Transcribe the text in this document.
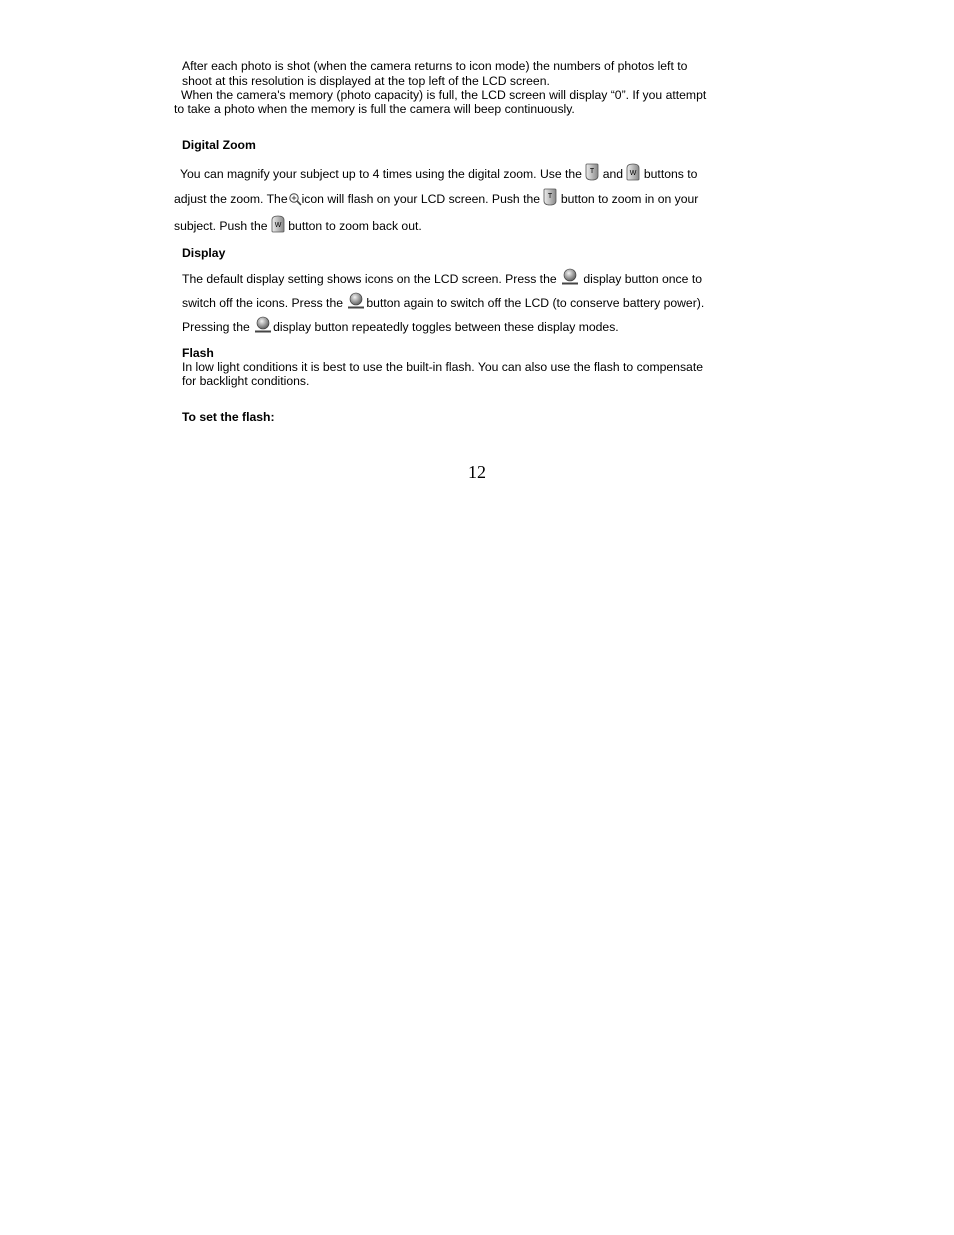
After each photo is shot (when the camera returns to icon mode) the numbers of photos left to
shoot at this resolution is displayed at the top left of the LCD screen.
When the camera's memory (photo capacity) is full, the LCD screen will display “0”. If you attempt
to take a photo when the memory is full the camera will beep continuously.
Digital Zoom
You can magnify your subject up to 4 times using the digital zoom. Use the T and W buttons to
adjust the zoom. The icon will flash on your LCD screen. Push the T button to zoom in on your
subject. Push the W button to zoom back out.
Display
The default display setting shows icons on the LCD screen. Press the display button once to
switch off the icons. Press the button again to switch off the LCD (to conserve battery power).
Pressing the display button repeatedly toggles between these display modes.
Flash
In low light conditions it is best to use the built-in flash. You can also use the flash to compensate
for backlight conditions.
To set the flash:
12
